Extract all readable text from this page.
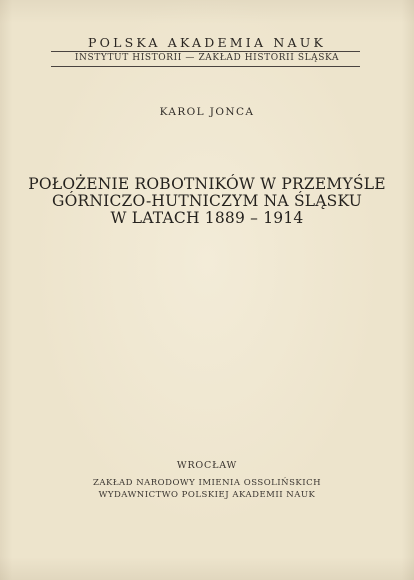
POLSKA AKADEMIA NAUK
INSTYTUT HISTORII — ZAKŁAD HISTORII ŚLĄSKA
KAROL JONCA
POŁOŻENIE ROBOTNIKÓW W PRZEMYŚLE
GÓRNICZO-HUTNICZYM NA ŚLĄSKU
W LATACH 1889 – 1914
WROCŁAW
ZAKŁAD NARODOWY IMIENIA OSSOLIŃSKICH
WYDAWNICTWO POLSKIEJ AKADEMII NAUK
